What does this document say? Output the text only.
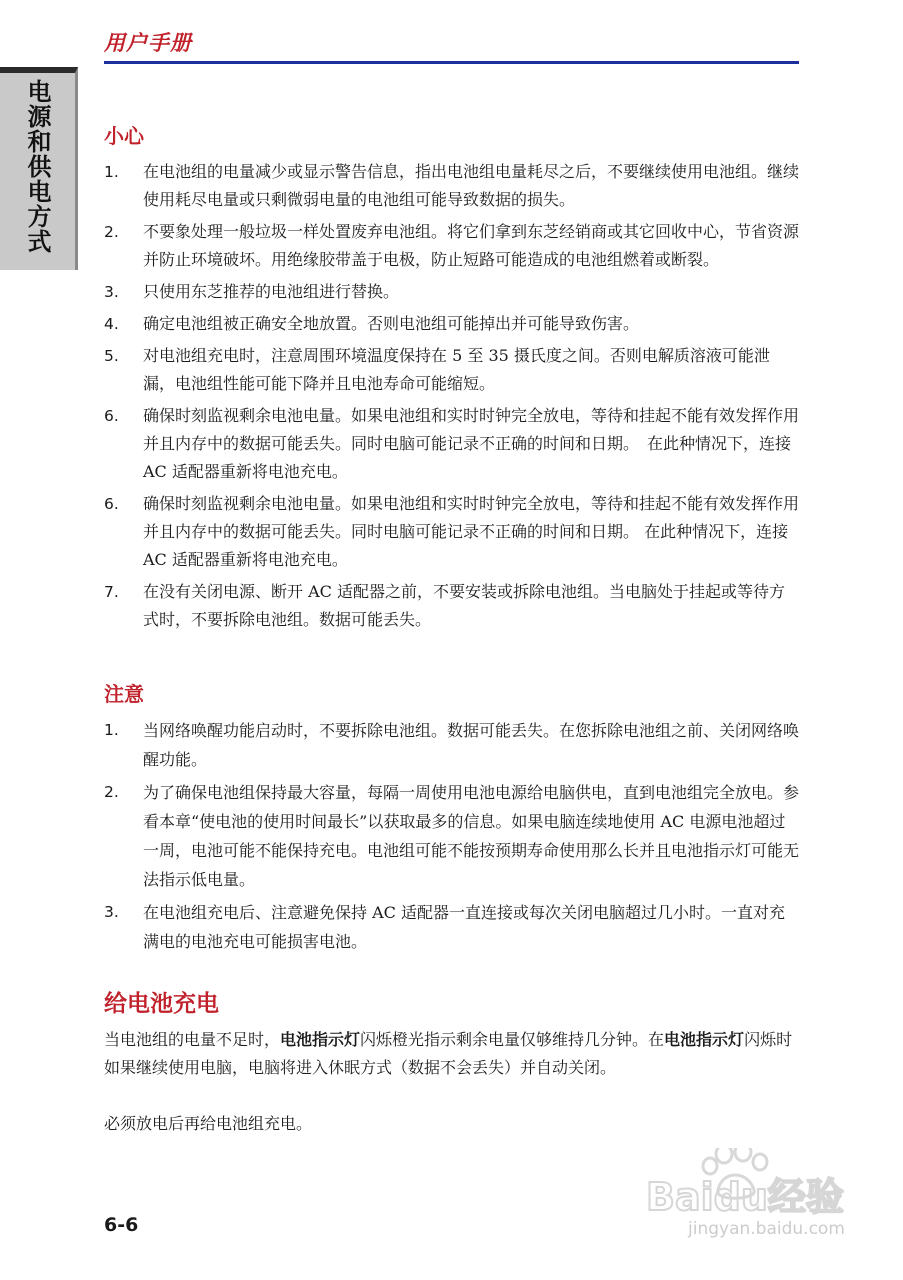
用户手册
电源和供电方式	小心
1. 在电池组的电量减少或显示警告信息，指出电池组电量耗尽之后，不要继续使用电池组。继续使用耗尽电量或只剩微弱电量的电池组可能导致数据的损失。
2. 不要象处理一般垃圾一样处置废弃电池组。将它们拿到东芝经销商或其它回收中心，节省资源并防止环境破坏。用绝缘胶带盖于电极，防止短路可能造成的电池组燃着或断裂。
3. 只使用东芝推荐的电池组进行替换。
4. 确定电池组被正确安全地放置。否则电池组可能掉出并可能导致伤害。
5. 对电池组充电时，注意周围环境温度保持在 5 至 35 摄氏度之间。否则电解质溶液可能泄漏，电池组性能可能下降并且电池寿命可能缩短。
6. 确保时刻监视剩余电池电量。如果电池组和实时时钟完全放电，等待和挂起不能有效发挥作用并且内存中的数据可能丢失。同时电脑可能记录不正确的时间和日期。　在此种情况下，连接 AC 适配器重新将电池充电。
6. 确保时刻监视剩余电池电量。如果电池组和实时时钟完全放电，等待和挂起不能有效发挥作用并且内存中的数据可能丢失。同时电脑可能记录不正确的时间和日期。 在此种情况下，连接 AC 适配器重新将电池充电。
7. 在没有关闭电源、断开 AC 适配器之前，不要安装或拆除电池组。当电脑处于挂起或等待方式时，不要拆除电池组。数据可能丢失。
注意
1. 当网络唤醒功能启动时，不要拆除电池组。数据可能丢失。在您拆除电池组之前、关闭网络唤醒功能。
2. 为了确保电池组保持最大容量，每隔一周使用电池电源给电脑供电，直到电池组完全放电。参看本章“使电池的使用时间最长”以获取最多的信息。如果电脑连续地使用 AC 电源电池超过一周，电池可能不能保持充电。电池组可能不能按预期寿命使用那么长并且电池指示灯可能无法指示低电量。
3. 在电池组充电后、注意避免保持 AC 适配器一直连接或每次关闭电脑超过几小时。一直对充满电的电池充电可能损害电池。
给电池充电

当电池组的电量不足时，电池指示灯闪烁橙光指示剩余电量仅够维持几分钟。在电池指示灯闪烁时如果继续使用电脑，电脑将进入休眠方式（数据不会丢失）并自动关闭。

必须放电后再给电池组充电。

6-6
Baidu经验
jingyan.baidu.com
